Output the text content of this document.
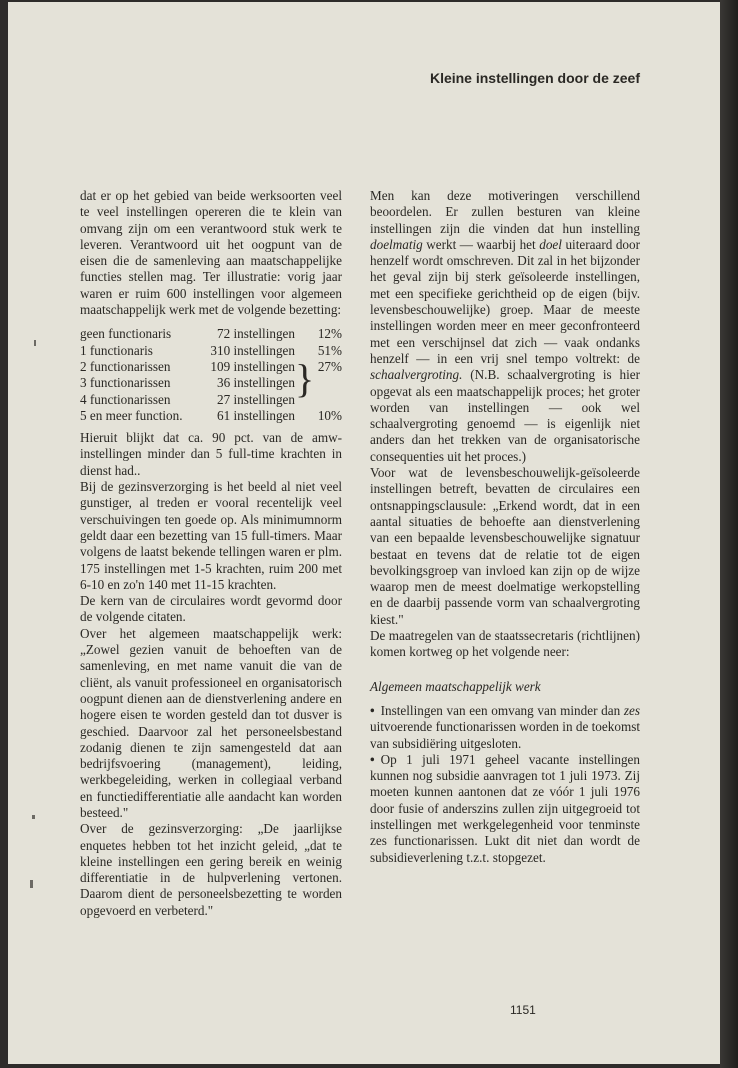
Kleine instellingen door de zeef

dat er op het gebied van beide werksoorten veel te veel instellingen opereren die te klein van omvang zijn om een verantwoord stuk werk te leveren. Verantwoord uit het oogpunt van de eisen die de samenleving aan maatschappelijke functies stellen mag. Ter illustratie: vorig jaar waren er ruim 600 instellingen voor algemeen maatschappelijk werk met de volgende bezetting:

geen functionaris	72 instellingen		12%
1 functionaris	310 instellingen		51%
2 functionarissen	109 instellingen	}	27%
3 functionarissen	36 instellingen		
4 functionarissen	27 instellingen		
5 en meer function.	61 instellingen		10%

Hieruit blijkt dat ca. 90 pct. van de amw-instellingen minder dan 5 full-time krachten in dienst had..

Bij de gezinsverzorging is het beeld al niet veel gunstiger, al treden er vooral recentelijk veel verschuivingen ten goede op. Als minimumnorm geldt daar een bezetting van 15 full-timers. Maar volgens de laatst bekende tellingen waren er plm. 175 instellingen met 1-5 krachten, ruim 200 met 6-10 en zo'n 140 met 11-15 krachten.

De kern van de circulaires wordt gevormd door de volgende citaten.

Over het algemeen maatschappelijk werk: „Zowel gezien vanuit de behoeften van de samenleving, en met name vanuit die van de cliënt, als vanuit professioneel en organisatorisch oogpunt dienen aan de dienstverlening andere en hogere eisen te worden gesteld dan tot dusver is geschied. Daarvoor zal het personeelsbestand zodanig dienen te zijn samengesteld dat aan bedrijfsvoering (management), leiding, werkbegeleiding, werken in collegiaal verband en functiedifferentiatie alle aandacht kan worden besteed."

Over de gezinsverzorging: „De jaarlijkse enquetes hebben tot het inzicht geleid, „dat te kleine instellingen een gering bereik en weinig differentiatie in de hulpverlening vertonen. Daarom dient de personeelsbezetting te worden opgevoerd en verbeterd."

Men kan deze motiveringen verschillend beoordelen. Er zullen besturen van kleine instellingen zijn die vinden dat hun instelling doelmatig werkt — waarbij het doel uiteraard door henzelf wordt omschreven. Dit zal in het bijzonder het geval zijn bij sterk geïsoleerde instellingen, met een specifieke gerichtheid op de eigen (bijv. levensbeschouwelijke) groep. Maar de meeste instellingen worden meer en meer geconfronteerd met een verschijnsel dat zich — vaak ondanks henzelf — in een vrij snel tempo voltrekt: de schaalvergroting. (N.B. schaalvergroting is hier opgevat als een maatschappelijk proces; het groter worden van instellingen — ook wel schaalvergroting genoemd — is eigenlijk niet anders dan het trekken van de organisatorische consequenties uit het proces.)

Voor wat de levensbeschouwelijk-geïsoleerde instellingen betreft, bevatten de circulaires een ontsnappingsclausule: „Erkend wordt, dat in een aantal situaties de behoefte aan dienstverlening van een bepaalde levensbeschouwelijke signatuur bestaat en tevens dat de relatie tot de eigen bevolkingsgroep van invloed kan zijn op de wijze waarop men de meest doelmatige werkopstelling en de daarbij passende vorm van schaalvergroting kiest."

De maatregelen van de staatssecretaris (richtlijnen) komen kortweg op het volgende neer:

Algemeen maatschappelijk werk

• Instellingen van een omvang van minder dan zes uitvoerende functionarissen worden in de toekomst van subsidiëring uitgesloten.

• Op 1 juli 1971 geheel vacante instellingen kunnen nog subsidie aanvragen tot 1 juli 1973. Zij moeten kunnen aantonen dat ze vóór 1 juli 1976 door fusie of anderszins zullen zijn uitgegroeid tot instellingen met werkgelegenheid voor tenminste zes functionarissen. Lukt dit niet dan wordt de subsidieverlening t.z.t. stopgezet.

1151
